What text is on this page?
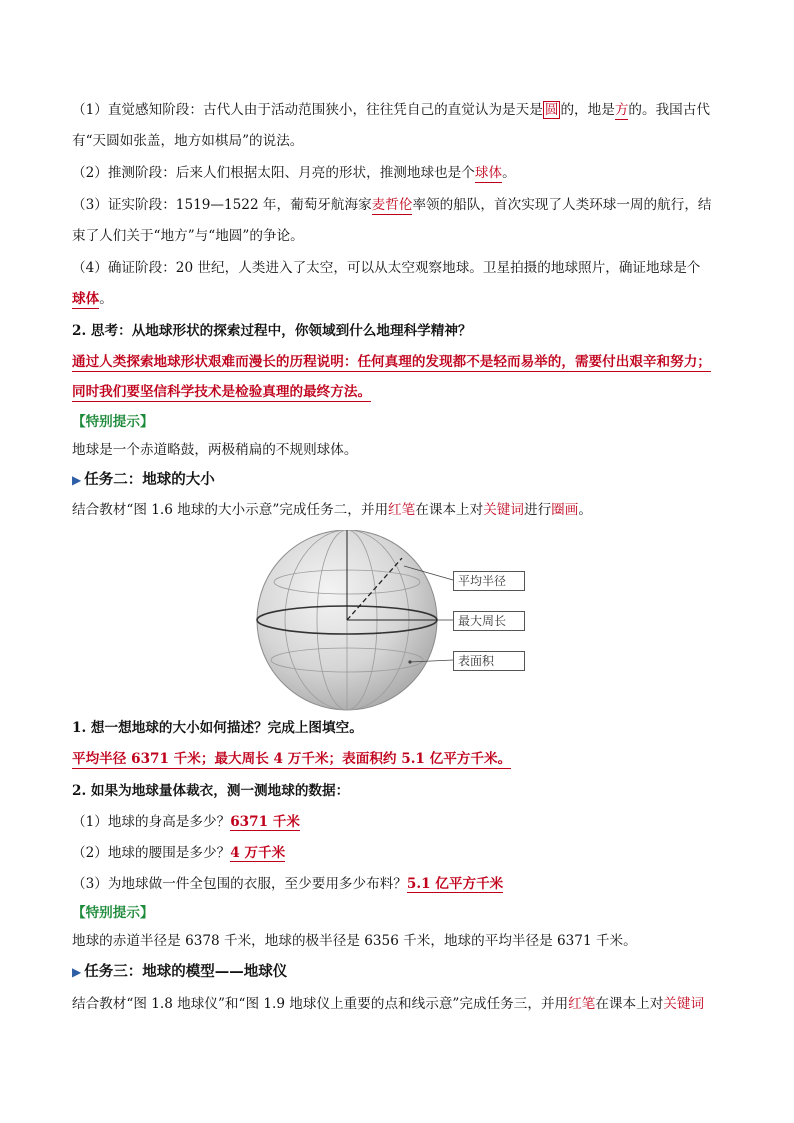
（1）直觉感知阶段：古代人由于活动范围狭小，往往凭自己的直觉认为是天是 圆 的，地是方的。我国古代
有“天圆如张盖，地方如棋局”的说法。
（2）推测阶段：后来人们根据太阳、月亮的形状，推测地球也是个球体。
（3）证实阶段：1519—1522 年，葡萄牙航海家麦哲伦率领的船队，首次实现了人类环球一周的航行，结
束了人们关于“地方”与“地圆”的争论。
（4）确证阶段：20 世纪，人类进入了太空，可以从太空观察地球。卫星拍摄的地球照片，确证地球是个
球体。
2. 思考：从地球形状的探索过程中，你领域到什么地理科学精神？
通过人类探索地球形状艰难而漫长的历程说明：任何真理的发现都不是轻而易举的，需要付出艰辛和努力；
同时我们要坚信科学技术是检验真理的最终方法。
【特别提示】
地球是一个赤道略鼓，两极稍扁的不规则球体。
▶ 任务二：地球的大小
结合教材“图 1.6 地球的大小示意”完成任务二，并用红笔在课本上对关键词进行圈画。
平均半径
最大周长
表面积
1. 想一想地球的大小如何描述？完成上图填空。
平均半径 6371 千米；最大周长 4 万千米；表面积约 5.1 亿平方千米。
2. 如果为地球量体裁衣，测一测地球的数据：
（1）地球的身高是多少？6371 千米
（2）地球的腰围是多少？4 万千米
（3）为地球做一件全包围的衣服，至少要用多少布料？5.1 亿平方千米
【特别提示】
地球的赤道半径是 6378 千米，地球的极半径是 6356 千米，地球的平均半径是 6371 千米。
▶ 任务三：地球的模型——地球仪
结合教材“图 1.8 地球仪”和“图 1.9 地球仪上重要的点和线示意”完成任务三，并用红笔在课本上对关键词
